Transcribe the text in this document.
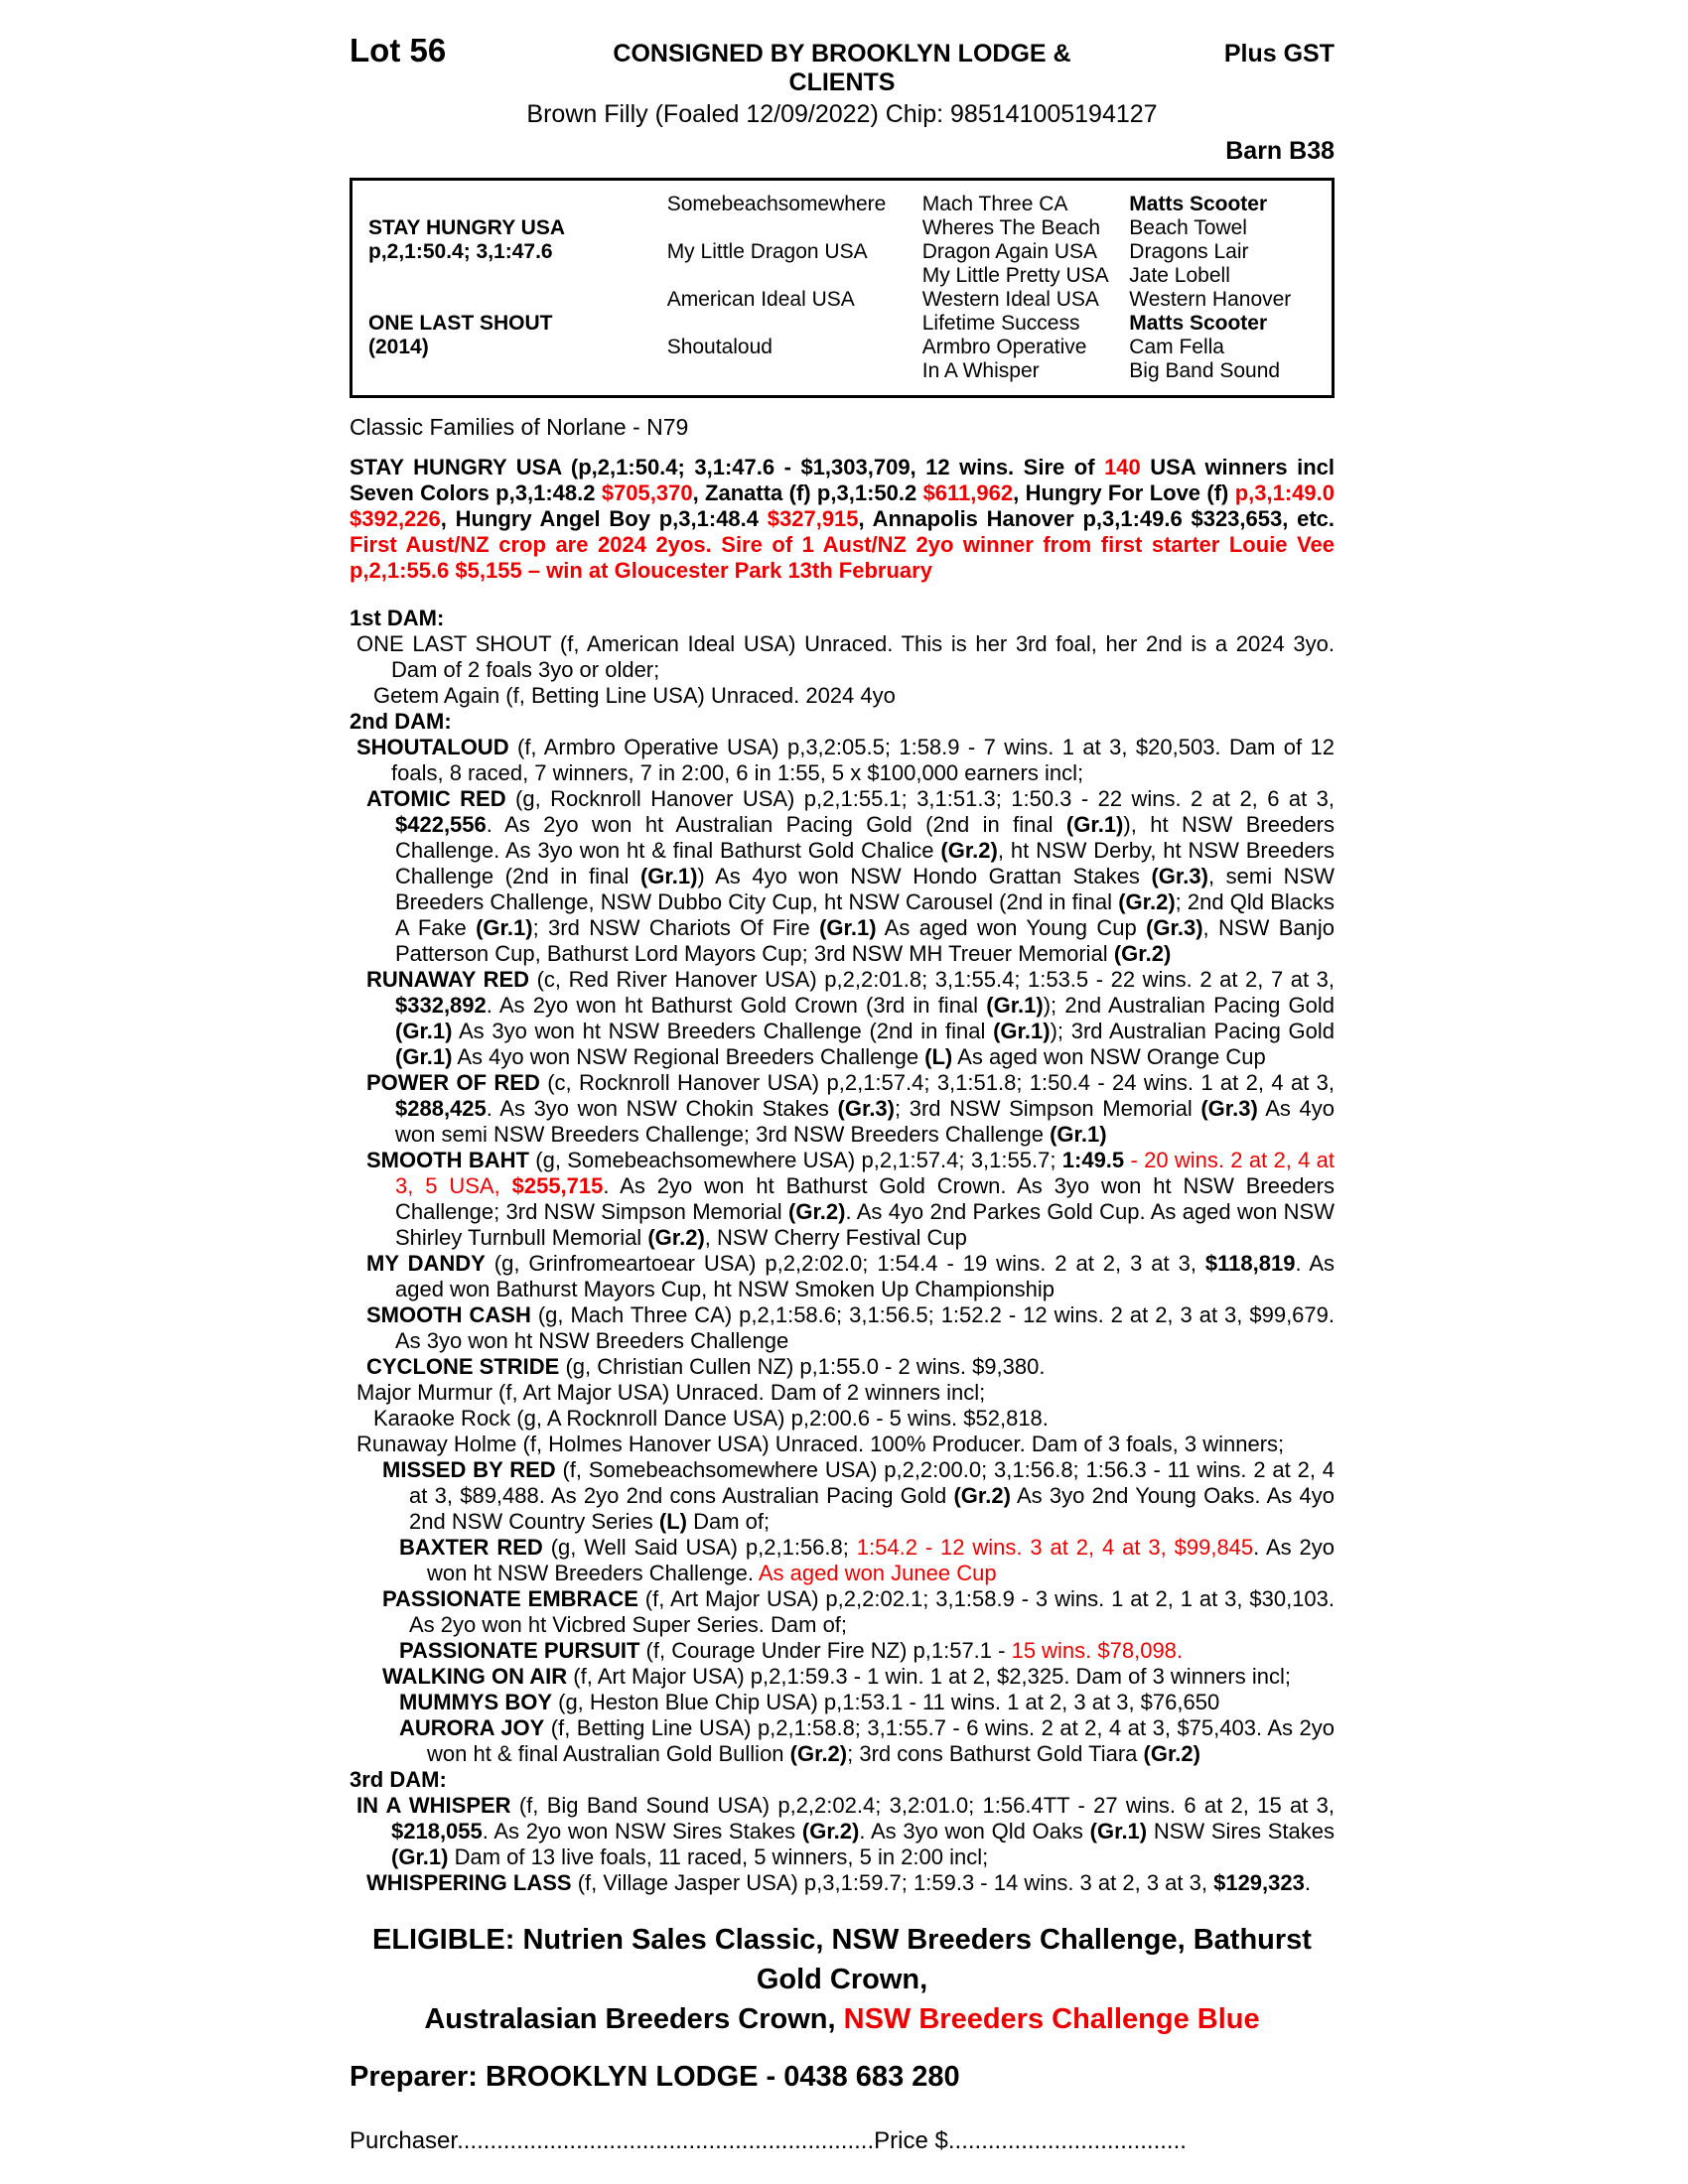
Lot 56	CONSIGNED BY BROOKLYN LODGE & CLIENTS
Plus GST
Brown Filly (Foaled 12/09/2022) Chip: 985141005194127
Barn B38
STAY HUNGRY USA
p,2,1:50.4; 3,1:47.6
ONE LAST SHOUT
(2014)
Somebeachsomewhere
My Little Dragon USA
American Ideal USA
Shoutaloud
Mach Three CA
Wheres The Beach
Dragon Again USA
My Little Pretty USA
Western Ideal USA
Lifetime Success
Armbro Operative
In A Whisper
Matts Scooter
Beach Towel
Dragons Lair
Jate Lobell
Western Hanover
Matts Scooter
Cam Fella
Big Band Sound
Classic Families of Norlane - N79

STAY HUNGRY USA (p,2,1:50.4; 3,1:47.6 - $1,303,709, 12 wins. Sire of 140 USA winners incl Seven Colors p,3,1:48.2 $705,370, Zanatta (f) p,3,1:50.2 $611,962, Hungry For Love (f) p,3,1:49.0 $392,226, Hungry Angel Boy p,3,1:48.4 $327,915, Annapolis Hanover p,3,1:49.6 $323,653, etc. First Aust/NZ crop are 2024 2yos. Sire of 1 Aust/NZ 2yo winner from first starter Louie Vee p,2,1:55.6 $5,155 – win at Gloucester Park 13th February

1st DAM:

ONE LAST SHOUT (f, American Ideal USA) Unraced. This is her 3rd foal, her 2nd is a 2024 3yo. Dam of 2 foals 3yo or older;

Getem Again (f, Betting Line USA) Unraced. 2024 4yo

2nd DAM:

SHOUTALOUD (f, Armbro Operative USA) p,3,2:05.5; 1:58.9 - 7 wins. 1 at 3, $20,503. Dam of 12 foals, 8 raced, 7 winners, 7 in 2:00, 6 in 1:55, 5 x $100,000 earners incl;

ATOMIC RED (g, Rocknroll Hanover USA) p,2,1:55.1; 3,1:51.3; 1:50.3 - 22 wins. 2 at 2, 6 at 3, $422,556. As 2yo won ht Australian Pacing Gold (2nd in final (Gr.1)), ht NSW Breeders Challenge. As 3yo won ht & final Bathurst Gold Chalice (Gr.2), ht NSW Derby, ht NSW Breeders Challenge (2nd in final (Gr.1)) As 4yo won NSW Hondo Grattan Stakes (Gr.3), semi NSW Breeders Challenge, NSW Dubbo City Cup, ht NSW Carousel (2nd in final (Gr.2); 2nd Qld Blacks A Fake (Gr.1); 3rd NSW Chariots Of Fire (Gr.1) As aged won Young Cup (Gr.3), NSW Banjo Patterson Cup, Bathurst Lord Mayors Cup; 3rd NSW MH Treuer Memorial (Gr.2)

RUNAWAY RED (c, Red River Hanover USA) p,2,2:01.8; 3,1:55.4; 1:53.5 - 22 wins. 2 at 2, 7 at 3, $332,892. As 2yo won ht Bathurst Gold Crown (3rd in final (Gr.1)); 2nd Australian Pacing Gold (Gr.1) As 3yo won ht NSW Breeders Challenge (2nd in final (Gr.1)); 3rd Australian Pacing Gold (Gr.1) As 4yo won NSW Regional Breeders Challenge (L) As aged won NSW Orange Cup

POWER OF RED (c, Rocknroll Hanover USA) p,2,1:57.4; 3,1:51.8; 1:50.4 - 24 wins. 1 at 2, 4 at 3, $288,425. As 3yo won NSW Chokin Stakes (Gr.3); 3rd NSW Simpson Memorial (Gr.3) As 4yo won semi NSW Breeders Challenge; 3rd NSW Breeders Challenge (Gr.1)

SMOOTH BAHT (g, Somebeachsomewhere USA) p,2,1:57.4; 3,1:55.7; 1:49.5 - 20 wins. 2 at 2, 4 at 3, 5 USA, $255,715. As 2yo won ht Bathurst Gold Crown. As 3yo won ht NSW Breeders Challenge; 3rd NSW Simpson Memorial (Gr.2). As 4yo 2nd Parkes Gold Cup. As aged won NSW Shirley Turnbull Memorial (Gr.2), NSW Cherry Festival Cup

MY DANDY (g, Grinfromeartoear USA) p,2,2:02.0; 1:54.4 - 19 wins. 2 at 2, 3 at 3, $118,819. As aged won Bathurst Mayors Cup, ht NSW Smoken Up Championship

SMOOTH CASH (g, Mach Three CA) p,2,1:58.6; 3,1:56.5; 1:52.2 - 12 wins. 2 at 2, 3 at 3, $99,679. As 3yo won ht NSW Breeders Challenge

CYCLONE STRIDE (g, Christian Cullen NZ) p,1:55.0 - 2 wins. $9,380.

Major Murmur (f, Art Major USA) Unraced. Dam of 2 winners incl;

Karaoke Rock (g, A Rocknroll Dance USA) p,2:00.6 - 5 wins. $52,818.

Runaway Holme (f, Holmes Hanover USA) Unraced. 100% Producer. Dam of 3 foals, 3 winners;

MISSED BY RED (f, Somebeachsomewhere USA) p,2,2:00.0; 3,1:56.8; 1:56.3 - 11 wins. 2 at 2, 4 at 3, $89,488. As 2yo 2nd cons Australian Pacing Gold (Gr.2) As 3yo 2nd Young Oaks. As 4yo 2nd NSW Country Series (L) Dam of;

BAXTER RED (g, Well Said USA) p,2,1:56.8; 1:54.2 - 12 wins. 3 at 2, 4 at 3, $99,845. As 2yo won ht NSW Breeders Challenge. As aged won Junee Cup

PASSIONATE EMBRACE (f, Art Major USA) p,2,2:02.1; 3,1:58.9 - 3 wins. 1 at 2, 1 at 3, $30,103. As 2yo won ht Vicbred Super Series. Dam of;

PASSIONATE PURSUIT (f, Courage Under Fire NZ) p,1:57.1 - 15 wins. $78,098.

WALKING ON AIR (f, Art Major USA) p,2,1:59.3 - 1 win. 1 at 2, $2,325. Dam of 3 winners incl;

MUMMYS BOY (g, Heston Blue Chip USA) p,1:53.1 - 11 wins. 1 at 2, 3 at 3, $76,650

AURORA JOY (f, Betting Line USA) p,2,1:58.8; 3,1:55.7 - 6 wins. 2 at 2, 4 at 3, $75,403. As 2yo won ht & final Australian Gold Bullion (Gr.2); 3rd cons Bathurst Gold Tiara (Gr.2)

3rd DAM:

IN A WHISPER (f, Big Band Sound USA) p,2,2:02.4; 3,2:01.0; 1:56.4TT - 27 wins. 6 at 2, 15 at 3, $218,055. As 2yo won NSW Sires Stakes (Gr.2). As 3yo won Qld Oaks (Gr.1) NSW Sires Stakes (Gr.1) Dam of 13 live foals, 11 raced, 5 winners, 5 in 2:00 incl;

WHISPERING LASS (f, Village Jasper USA) p,3,1:59.7; 1:59.3 - 14 wins. 3 at 2, 3 at 3, $129,323.

ELIGIBLE: Nutrien Sales Classic, NSW Breeders Challenge, Bathurst Gold Crown,
Australasian Breeders Crown, NSW Breeders Challenge Blue
Preparer: BROOKLYN LODGE - 0438 683 280
Purchaser...............................................................Price $....................................
